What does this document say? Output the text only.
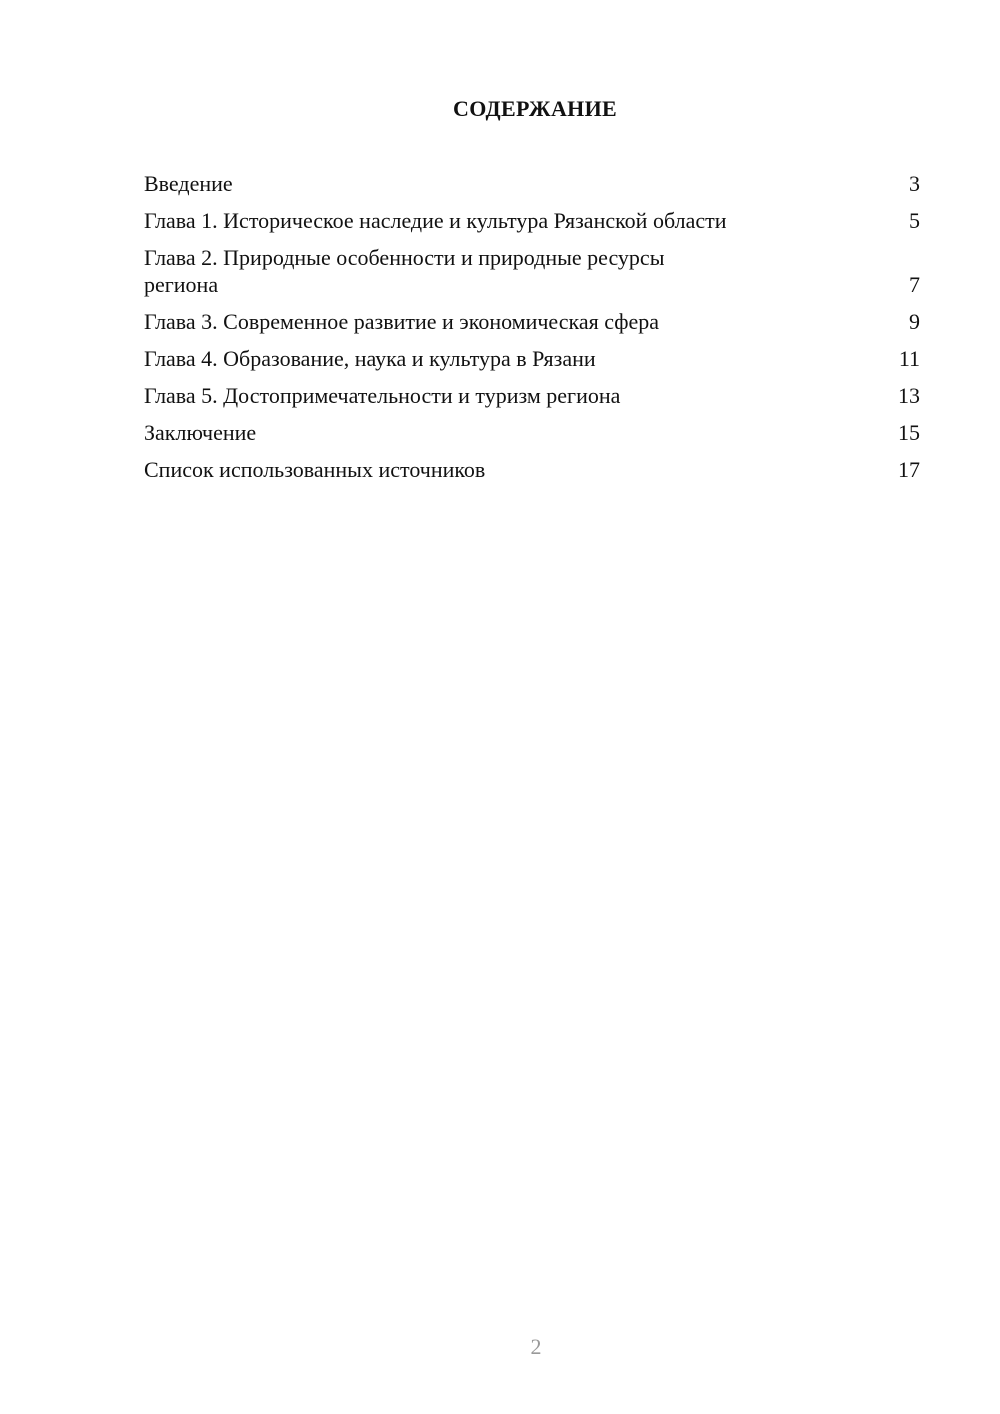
СОДЕРЖАНИЕ
Введение	3
Глава 1. Историческое наследие и культура Рязанской области	5
Глава 2. Природные особенности и природные ресурсы региона	7
Глава 3. Современное развитие и экономическая сфера	9
Глава 4. Образование, наука и культура в Рязани	11
Глава 5. Достопримечательности и туризм региона	13
Заключение	15
Список использованных источников	17
2
